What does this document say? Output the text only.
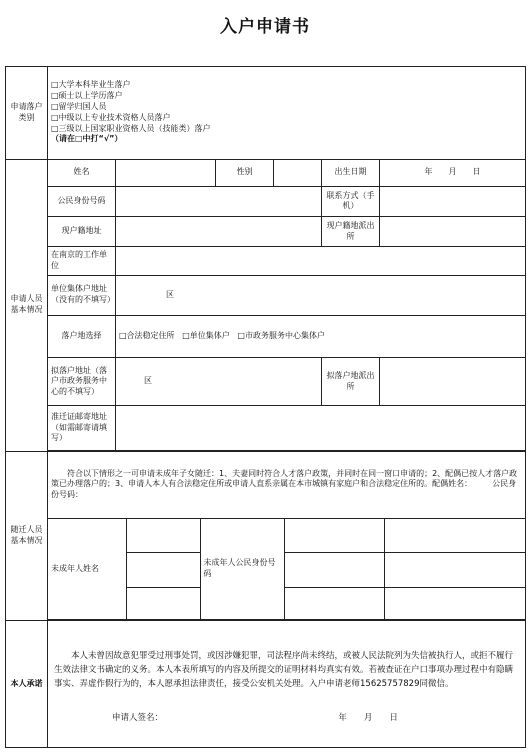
入户申请书
申请落户类别	
□大学本科毕业生落户
□硕士以上学历落户
□留学归国人员
□中级以上专业技术资格人员落户
□三级以上国家职业资格人员（技能类）落户
（请在□中打“√”）

申请人员基本情况	姓名		性别		出生日期	年　　月　　日
公民身份号码		联系方式（手机）	
现户籍地址		现户籍地派出所	
在南京的工作单位	
单位集体户地址（没有的不填写）	区
落户地选择	□合法稳定住所 □单位集体户 □市政务服务中心集体户
拟落户地址（落户市政务服务中心的不填写）	区	拟落户地派出所	
准迁证邮寄地址（如需邮寄请填写）	

随迁人员基本情况	
符合以下情形之一可申请未成年子女随迁：1、夫妻同时符合人才落户政策，并同时在同一窗口申请的；2、配偶已按人才落户政策已办理落户的；3、申请人本人有合法稳定住所或申请人直系亲属在本市城镇有家庭户和合法稳定住所的。配偶姓名：　　　公民身份号码：
未成年人姓名		未成年人公民身份号码		

本人承诺	
本人未曾因故意犯罪受过刑事处罚，或因涉嫌犯罪，司法程序尚未终结，或被人民法院列为失信被执行人，或拒不履行生效法律文书确定的义务。本人本表所填写的内容及所提交的证明材料均真实有效。若被查证在户口事项办理过程中有隐瞒事实、弄虚作假行为的，本人愿承担法律责任，接受公安机关处理。入户申请老师15625757829同微信。
申请人签名：	年　　月　　日
